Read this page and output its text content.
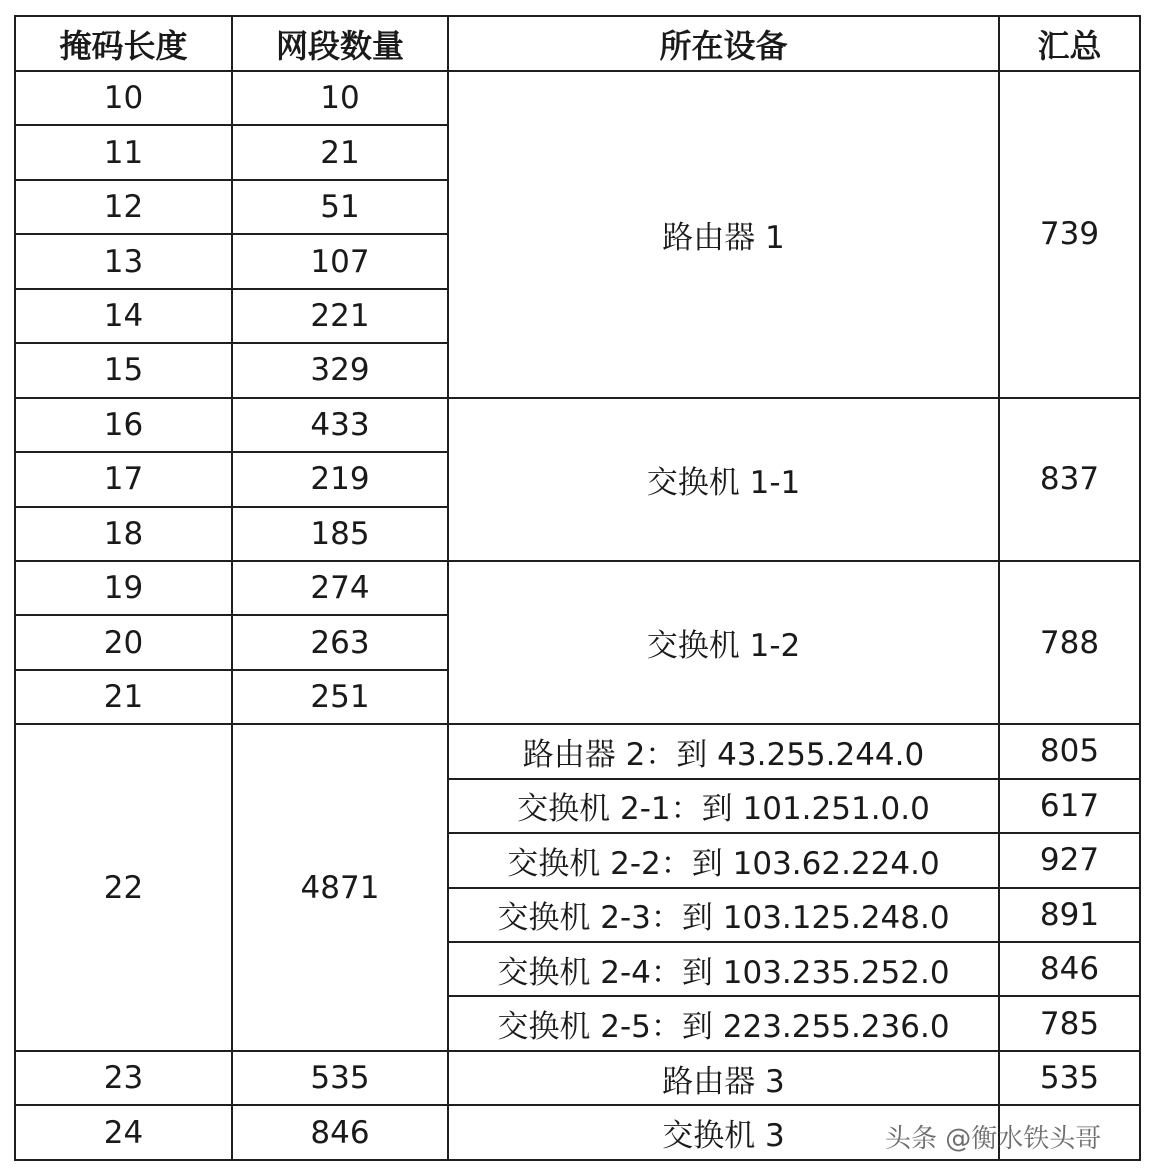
掩码长度	网段数量	所在设备	汇总
10	10	路由器 1	739
11	21		
12	51		
13	107		
14	221		
15	329		
16	433	交换机 1-1	837
17	219		
18	185		
19	274	交换机 1-2	788
20	263		
21	251		
22	4871	路由器 2：到 43.255.244.0	805
		交换机 2-1：到 101.251.0.0	617
		交换机 2-2：到 103.62.224.0	927
		交换机 2-3：到 103.125.248.0	891
		交换机 2-4：到 103.235.252.0	846
		交换机 2-5：到 223.255.236.0	785
23	535	路由器 3	535
24	846	交换机 3		头条 @衡水铁头哥
